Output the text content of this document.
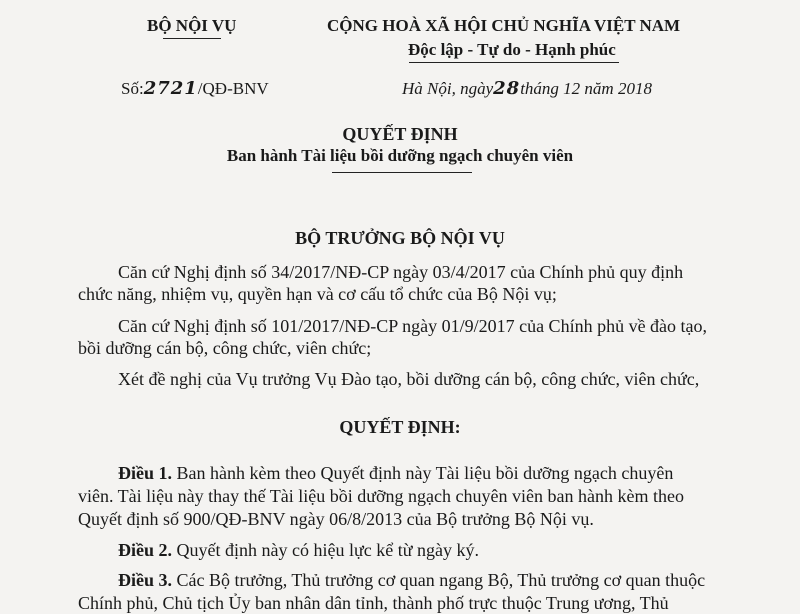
BỘ NỘI VỤ	CỘNG HOÀ XÃ HỘI CHỦ NGHĨA VIỆT NAM
Độc lập - Tự do - Hạnh phúc
Số:2721/QĐ-BNV	Hà Nội, ngày28tháng 12 năm 2018
QUYẾT ĐỊNH
Ban hành Tài liệu bồi dưỡng ngạch chuyên viên
BỘ TRƯỞNG BỘ NỘI VỤ
Căn cứ Nghị định số 34/2017/NĐ-CP ngày 03/4/2017 của Chính phủ quy định
chức năng, nhiệm vụ, quyền hạn và cơ cấu tổ chức của Bộ Nội vụ;
Căn cứ Nghị định số 101/2017/NĐ-CP ngày 01/9/2017 của Chính phủ về đào tạo,
bồi dưỡng cán bộ, công chức, viên chức;
Xét đề nghị của Vụ trưởng Vụ Đào tạo, bồi dưỡng cán bộ, công chức, viên chức,
QUYẾT ĐỊNH:
Điều 1. Ban hành kèm theo Quyết định này Tài liệu bồi dưỡng ngạch chuyên
viên. Tài liệu này thay thế Tài liệu bồi dưỡng ngạch chuyên viên ban hành kèm theo
Quyết định số 900/QĐ-BNV ngày 06/8/2013 của Bộ trưởng Bộ Nội vụ.
Điều 2. Quyết định này có hiệu lực kể từ ngày ký.
Điều 3. Các Bộ trưởng, Thủ trưởng cơ quan ngang Bộ, Thủ trưởng cơ quan thuộc
Chính phủ, Chủ tịch Ủy ban nhân dân tỉnh, thành phố trực thuộc Trung ương, Thủ
